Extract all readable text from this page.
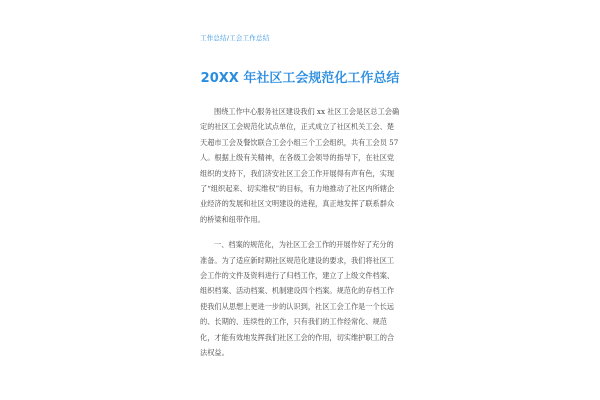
工作总结/工会工作总结
20XX 年社区工会规范化工作总结

围绕工作中心服务社区建设我们 xx 社区工会是区总工会确定的社区工会规范化试点单位，正式成立了社区机关工会、楚天超市工会及餐饮联合工会小组三个工会组织，共有工会员 57 人。根据上级有关精神，在各级工会领导的指导下，在社区党组织的支持下，我们济安社区工会工作开展得有声有色，实现了“组织起来、切实维权”的目标，有力地推动了社区内所辖企业经济的发展和社区文明建设的进程，真正地发挥了联系群众的桥梁和纽带作用。

一、档案的规范化，为社区工会工作的开展作好了充分的准备。为了适应新时期社区规范化建设的要求，我们将社区工会工作的文件及资料进行了归档工作，建立了上级文件档案、组织档案、活动档案、机制建设四个档案。规范化的存档工作使我们从思想上更进一步的认识到，社区工会工作是一个长远的、长期的、连续性的工作，只有我们的工作经常化、规范化，才能有效地发挥我们社区工会的作用，切实维护职工的合法权益。
